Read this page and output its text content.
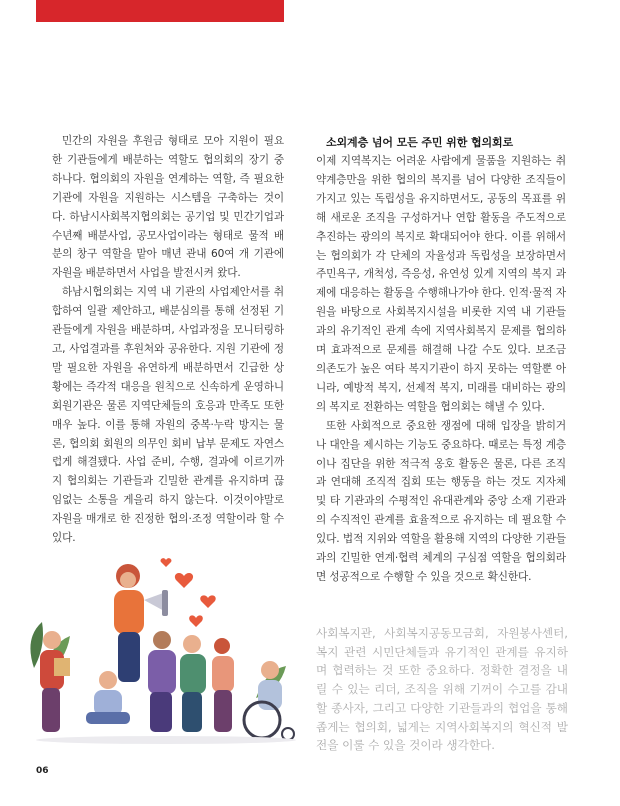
민간의 자원을 후원금 형태로 모아 지원이 필요한 기관들에게 배분하는 역할도 협의회의 장기 중 하나다. 협의회의 자원을 연계하는 역할, 즉 필요한 기관에 자원을 지원하는 시스템을 구축하는 것이다. 하남시사회복지협의회는 공기업 및 민간기업과 수년째 배분사업, 공모사업이라는 형태로 물적 배분의 창구 역할을 맡아 매년 관내 60여 개 기관에 자원을 배분하면서 사업을 발전시켜 왔다.

하남시협의회는 지역 내 기관의 사업제안서를 취합하여 일괄 제안하고, 배분심의를 통해 선정된 기관들에게 자원을 배분하며, 사업과정을 모니터링하고, 사업결과를 후원처와 공유한다. 지원 기관에 정말 필요한 자원을 유연하게 배분하면서 긴급한 상황에는 즉각적 대응을 원칙으로 신속하게 운영하니 회원기관은 물론 지역단체들의 호응과 만족도 또한 매우 높다. 이를 통해 자원의 중복·누락 방지는 물론, 협의회 회원의 의무인 회비 납부 문제도 자연스럽게 해결됐다. 사업 준비, 수행, 결과에 이르기까지 협의회는 기관들과 긴밀한 관계를 유지하며 끊임없는 소통을 게을리 하지 않는다. 이것이야말로 자원을 매개로 한 진정한 협의·조정 역할이라 할 수 있다.

소외계층 넘어 모든 주민 위한 협의회로

이제 지역복지는 어려운 사람에게 물품을 지원하는 취약계층만을 위한 협의의 복지를 넘어 다양한 조직들이 가지고 있는 독립성을 유지하면서도, 공동의 목표를 위해 새로운 조직을 구성하거나 연합 활동을 주도적으로 추진하는 광의의 복지로 확대되어야 한다. 이를 위해서는 협의회가 각 단체의 자율성과 독립성을 보장하면서 주민욕구, 개척성, 즉응성, 유연성 있게 지역의 복지 과제에 대응하는 활동을 수행해나가야 한다. 인적·물적 자원을 바탕으로 사회복지시설을 비롯한 지역 내 기관들과의 유기적인 관계 속에 지역사회복지 문제를 협의하며 효과적으로 문제를 해결해 나갈 수도 있다. 보조금 의존도가 높은 여타 복지기관이 하지 못하는 역할뿐 아니라, 예방적 복지, 선제적 복지, 미래를 대비하는 광의의 복지로 전환하는 역할을 협의회는 해낼 수 있다.

또한 사회적으로 중요한 쟁점에 대해 입장을 밝히거나 대안을 제시하는 기능도 중요하다. 때로는 특정 계층이나 집단을 위한 적극적 옹호 활동은 물론, 다른 조직과 연대해 조직적 집회 또는 행동을 하는 것도 지자체 및 타 기관과의 수평적인 유대관계와 중앙 소재 기관과의 수직적인 관계를 효율적으로 유지하는 데 필요할 수 있다. 법적 지위와 역할을 활용해 지역의 다양한 기관들과의 긴밀한 연계·협력 체계의 구심점 역할을 협의회라면 성공적으로 수행할 수 있을 것으로 확신한다.

사회복지관, 사회복지공동모금회, 자원봉사센터, 복지 관련 시민단체들과 유기적인 관계를 유지하며 협력하는 것 또한 중요하다. 정확한 결정을 내릴 수 있는 리더, 조직을 위해 기꺼이 수고를 감내할 종사자, 그리고 다양한 기관들과의 협업을 통해 좁게는 협의회, 넓게는 지역사회복지의 혁신적 발전을 이룰 수 있을 것이라 생각한다.
06
